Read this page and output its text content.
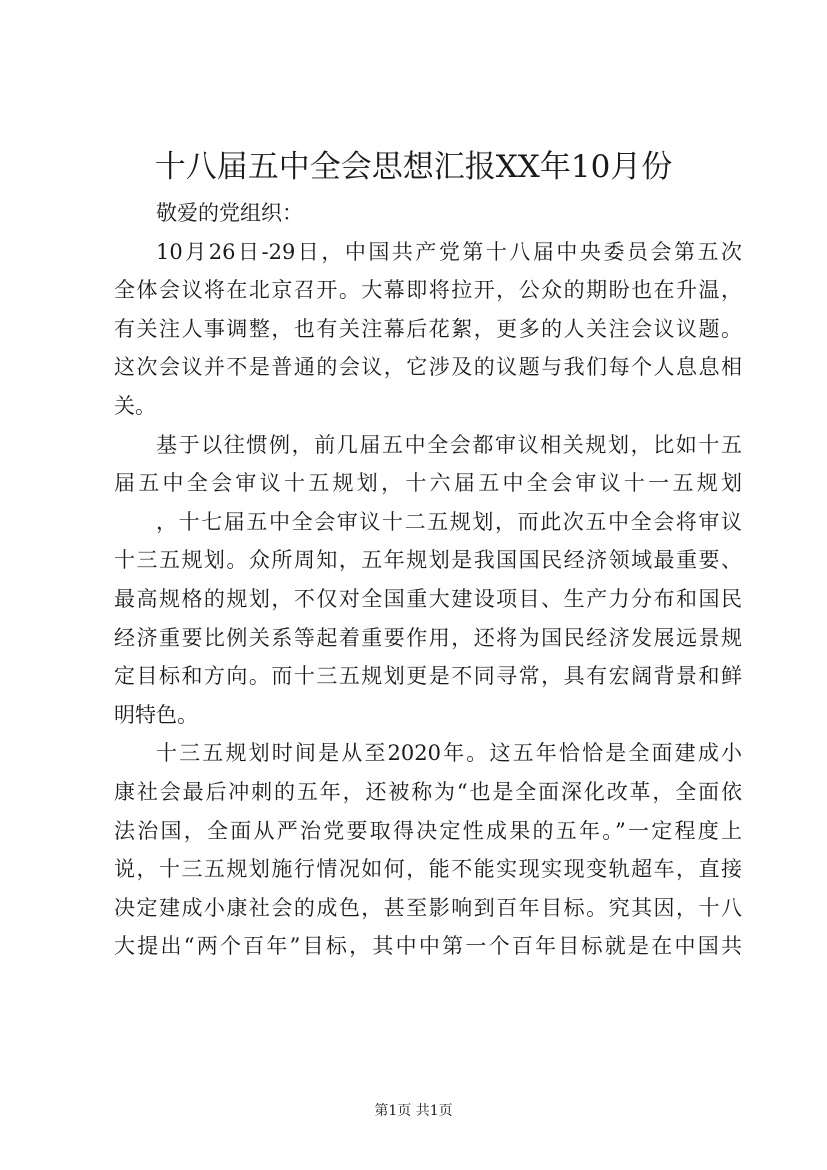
十八届五中全会思想汇报XX年10月份
敬爱的党组织：
10月26日-29日，中国共产党第十八届中央委员会第五次
全体会议将在北京召开。大幕即将拉开，公众的期盼也在升温，
有关注人事调整，也有关注幕后花絮，更多的人关注会议议题。
这次会议并不是普通的会议，它涉及的议题与我们每个人息息相
关。
基于以往惯例，前几届五中全会都审议相关规划，比如十五
届五中全会审议十五规划，十六届五中全会审议十一五规划
，十七届五中全会审议十二五规划，而此次五中全会将审议
十三五规划。众所周知，五年规划是我国国民经济领域最重要、
最高规格的规划，不仅对全国重大建设项目、生产力分布和国民
经济重要比例关系等起着重要作用，还将为国民经济发展远景规
定目标和方向。而十三五规划更是不同寻常，具有宏阔背景和鲜
明特色。
十三五规划时间是从至2020年。这五年恰恰是全面建成小
康社会最后冲刺的五年，还被称为“也是全面深化改革，全面依
法治国，全面从严治党要取得决定性成果的五年。”一定程度上
说，十三五规划施行情况如何，能不能实现实现变轨超车，直接
决定建成小康社会的成色，甚至影响到百年目标。究其因，十八
大提出“两个百年”目标，其中中第一个百年目标就是在中国共
第1页 共1页
